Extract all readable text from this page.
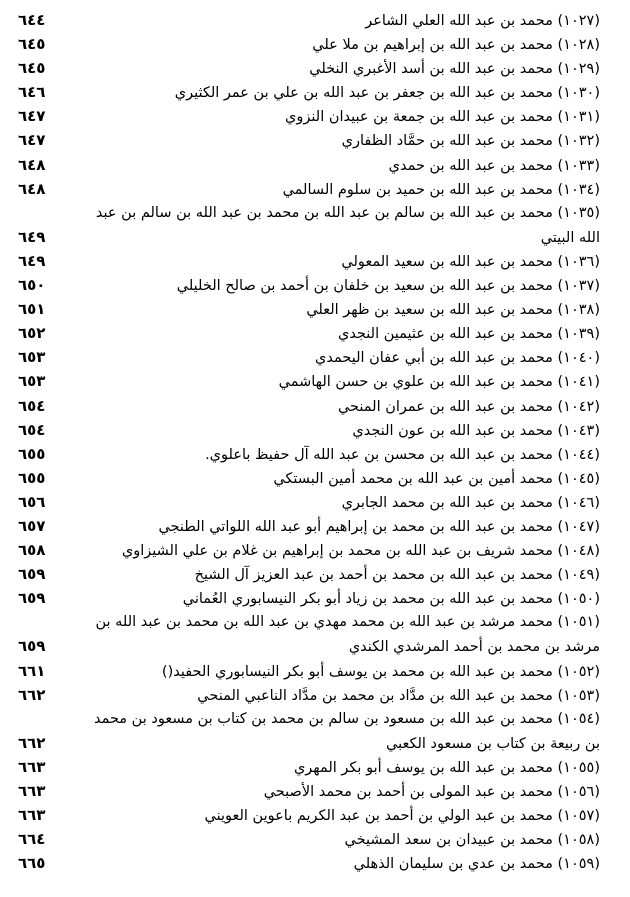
٦٤٤	(١٠٢٧) محمد بن عبد الله العلي الشاعر
٦٤٥	(١٠٢٨) محمد بن عبد الله بن إبراهيم بن ملا علي
٦٤٥	(١٠٢٩) محمد بن عبد الله بن أسد الأغبري النخلي
٦٤٦	(١٠٣٠) محمد بن عبد الله بن جعفر بن عبد الله بن علي بن عمر الكثيري
٦٤٧	(١٠٣١) محمد بن عبد الله بن جمعة بن عبيدان النزوي
٦٤٧	(١٠٣٢) محمد بن عبد الله بن حمَّاد الظفاري
٦٤٨	(١٠٣٣) محمد بن عبد الله بن حمدي
٦٤٨	(١٠٣٤) محمد بن عبد الله بن حميد بن سلوم السالمي
(١٠٣٥) محمد بن عبد الله بن سالم بن عبد الله بن محمد بن عبد الله بن سالم بن عبد
٦٤٩	الله البيتي
٦٤٩	(١٠٣٦) محمد بن عبد الله بن سعيد المعولي
٦٥٠	(١٠٣٧) محمد بن عبد الله بن سعيد بن خلفان بن أحمد بن صالح الخليلي
٦٥١	(١٠٣٨) محمد بن عبد الله بن سعيد بن ظهر العلي
٦٥٢	(١٠٣٩) محمد بن عبد الله بن عثيمين النجدي
٦٥٣	(١٠٤٠) محمد بن عبد الله بن أبي عفان اليحمدي
٦٥٣	(١٠٤١) محمد بن عبد الله بن علوي بن حسن الهاشمي
٦٥٤	(١٠٤٢) محمد بن عبد الله بن عمران المنحي
٦٥٤	(١٠٤٣) محمد بن عبد الله بن عون النجدي
٦٥٥	(١٠٤٤) محمد بن عبد الله بن محسن بن عبد الله آل حفيظ باعلوي.
٦٥٥	(١٠٤٥) محمد أمين بن عبد الله بن محمد أمين البستكي
٦٥٦	(١٠٤٦) محمد بن عبد الله بن محمد الجابري
٦٥٧	(١٠٤٧) محمد بن عبد الله بن محمد بن إبراهيم أبو عبد الله اللواتي الطنجي
٦٥٨	(١٠٤٨) محمد شريف بن عبد الله بن محمد بن إبراهيم بن غلام بن علي الشيزاوي
٦٥٩	(١٠٤٩) محمد بن عبد الله بن محمد بن أحمد بن عبد العزيز آل الشيخ
٦٥٩	(١٠٥٠) محمد بن عبد الله بن محمد بن زياد أبو بكر النيسابوري العُماني
(١٠٥١) محمد مرشد بن عبد الله بن محمد مهدي بن عبد الله بن محمد بن عبد الله بن
٦٥٩	مرشد بن محمد بن أحمد المرشدي الكندي
٦٦١	(١٠٥٢) محمد بن عبد الله بن محمد بن يوسف أبو بكر النيسابوري الحفيد()
٦٦٢	(١٠٥٣) محمد بن عبد الله بن مدَّاد بن محمد بن مدَّاد الناعبي المنحي
(١٠٥٤) محمد بن عبد الله بن مسعود بن سالم بن محمد بن كتاب بن مسعود بن محمد
٦٦٢	بن ربيعة بن كتاب بن مسعود الكعبي
٦٦٣	(١٠٥٥) محمد بن عبد الله بن يوسف أبو بكر المهري
٦٦٣	(١٠٥٦) محمد بن عبد المولى بن أحمد بن محمد الأصبحي
٦٦٣	(١٠٥٧) محمد بن عبد الولي بن أحمد بن عبد الكريم باعوين العويني
٦٦٤	(١٠٥٨) محمد بن عبيدان بن سعد المشيخي
٦٦٥	(١٠٥٩) محمد بن عدي بن سليمان الذهلي
